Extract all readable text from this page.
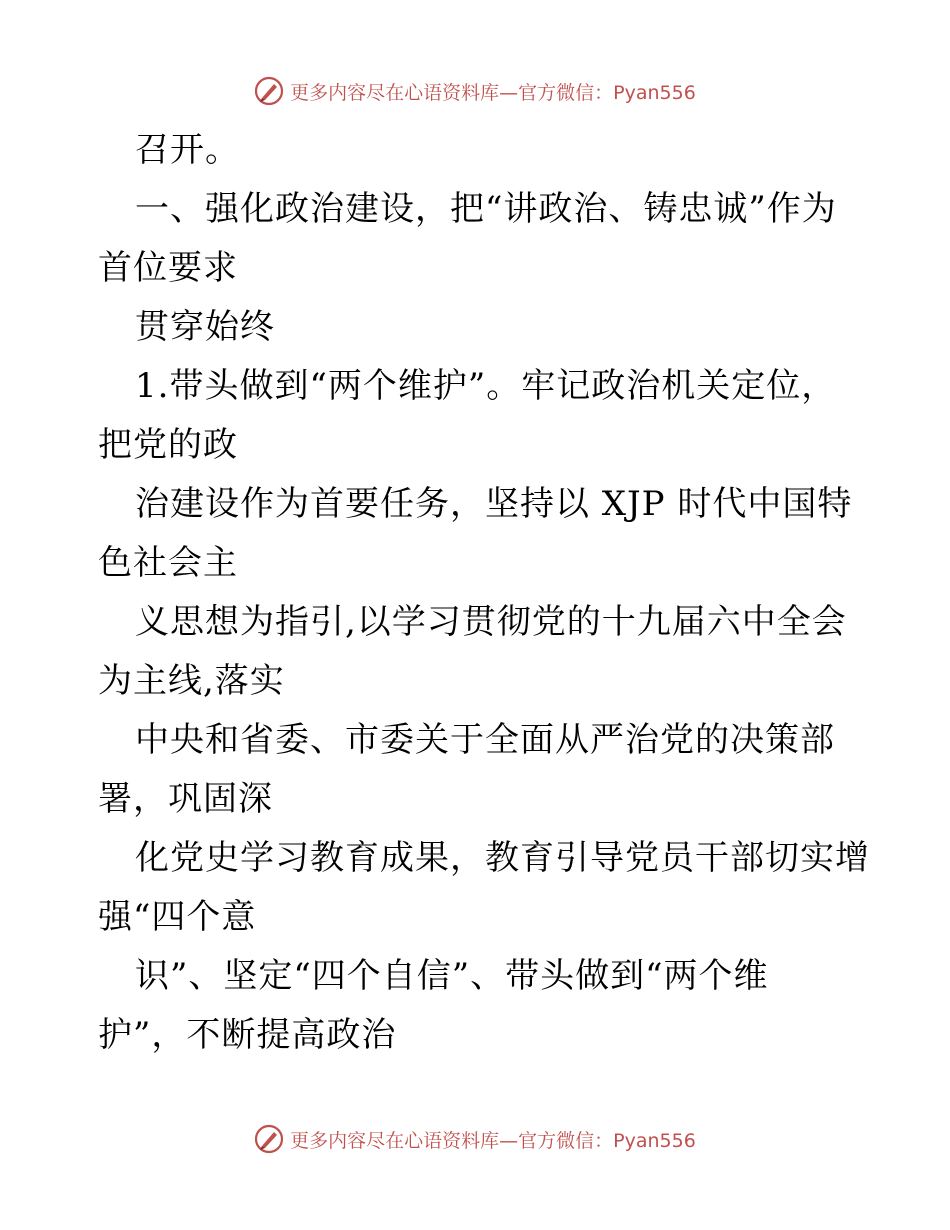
更多内容尽在心语资料库—官方微信：Pyan556
召开。
一、强化政治建设，把“讲政治、铸忠诚”作为
首位要求
贯穿始终
1.带头做到“两个维护”。牢记政治机关定位，
把党的政
治建设作为首要任务，坚持以 XJP 时代中国特
色社会主
义思想为指引,以学习贯彻党的十九届六中全会
为主线,落实
中央和省委、市委关于全面从严治党的决策部
署，巩固深
化党史学习教育成果，教育引导党员干部切实增
强“四个意
识”、坚定“四个自信”、带头做到“两个维
护”，不断提高政治
更多内容尽在心语资料库—官方微信：Pyan556
